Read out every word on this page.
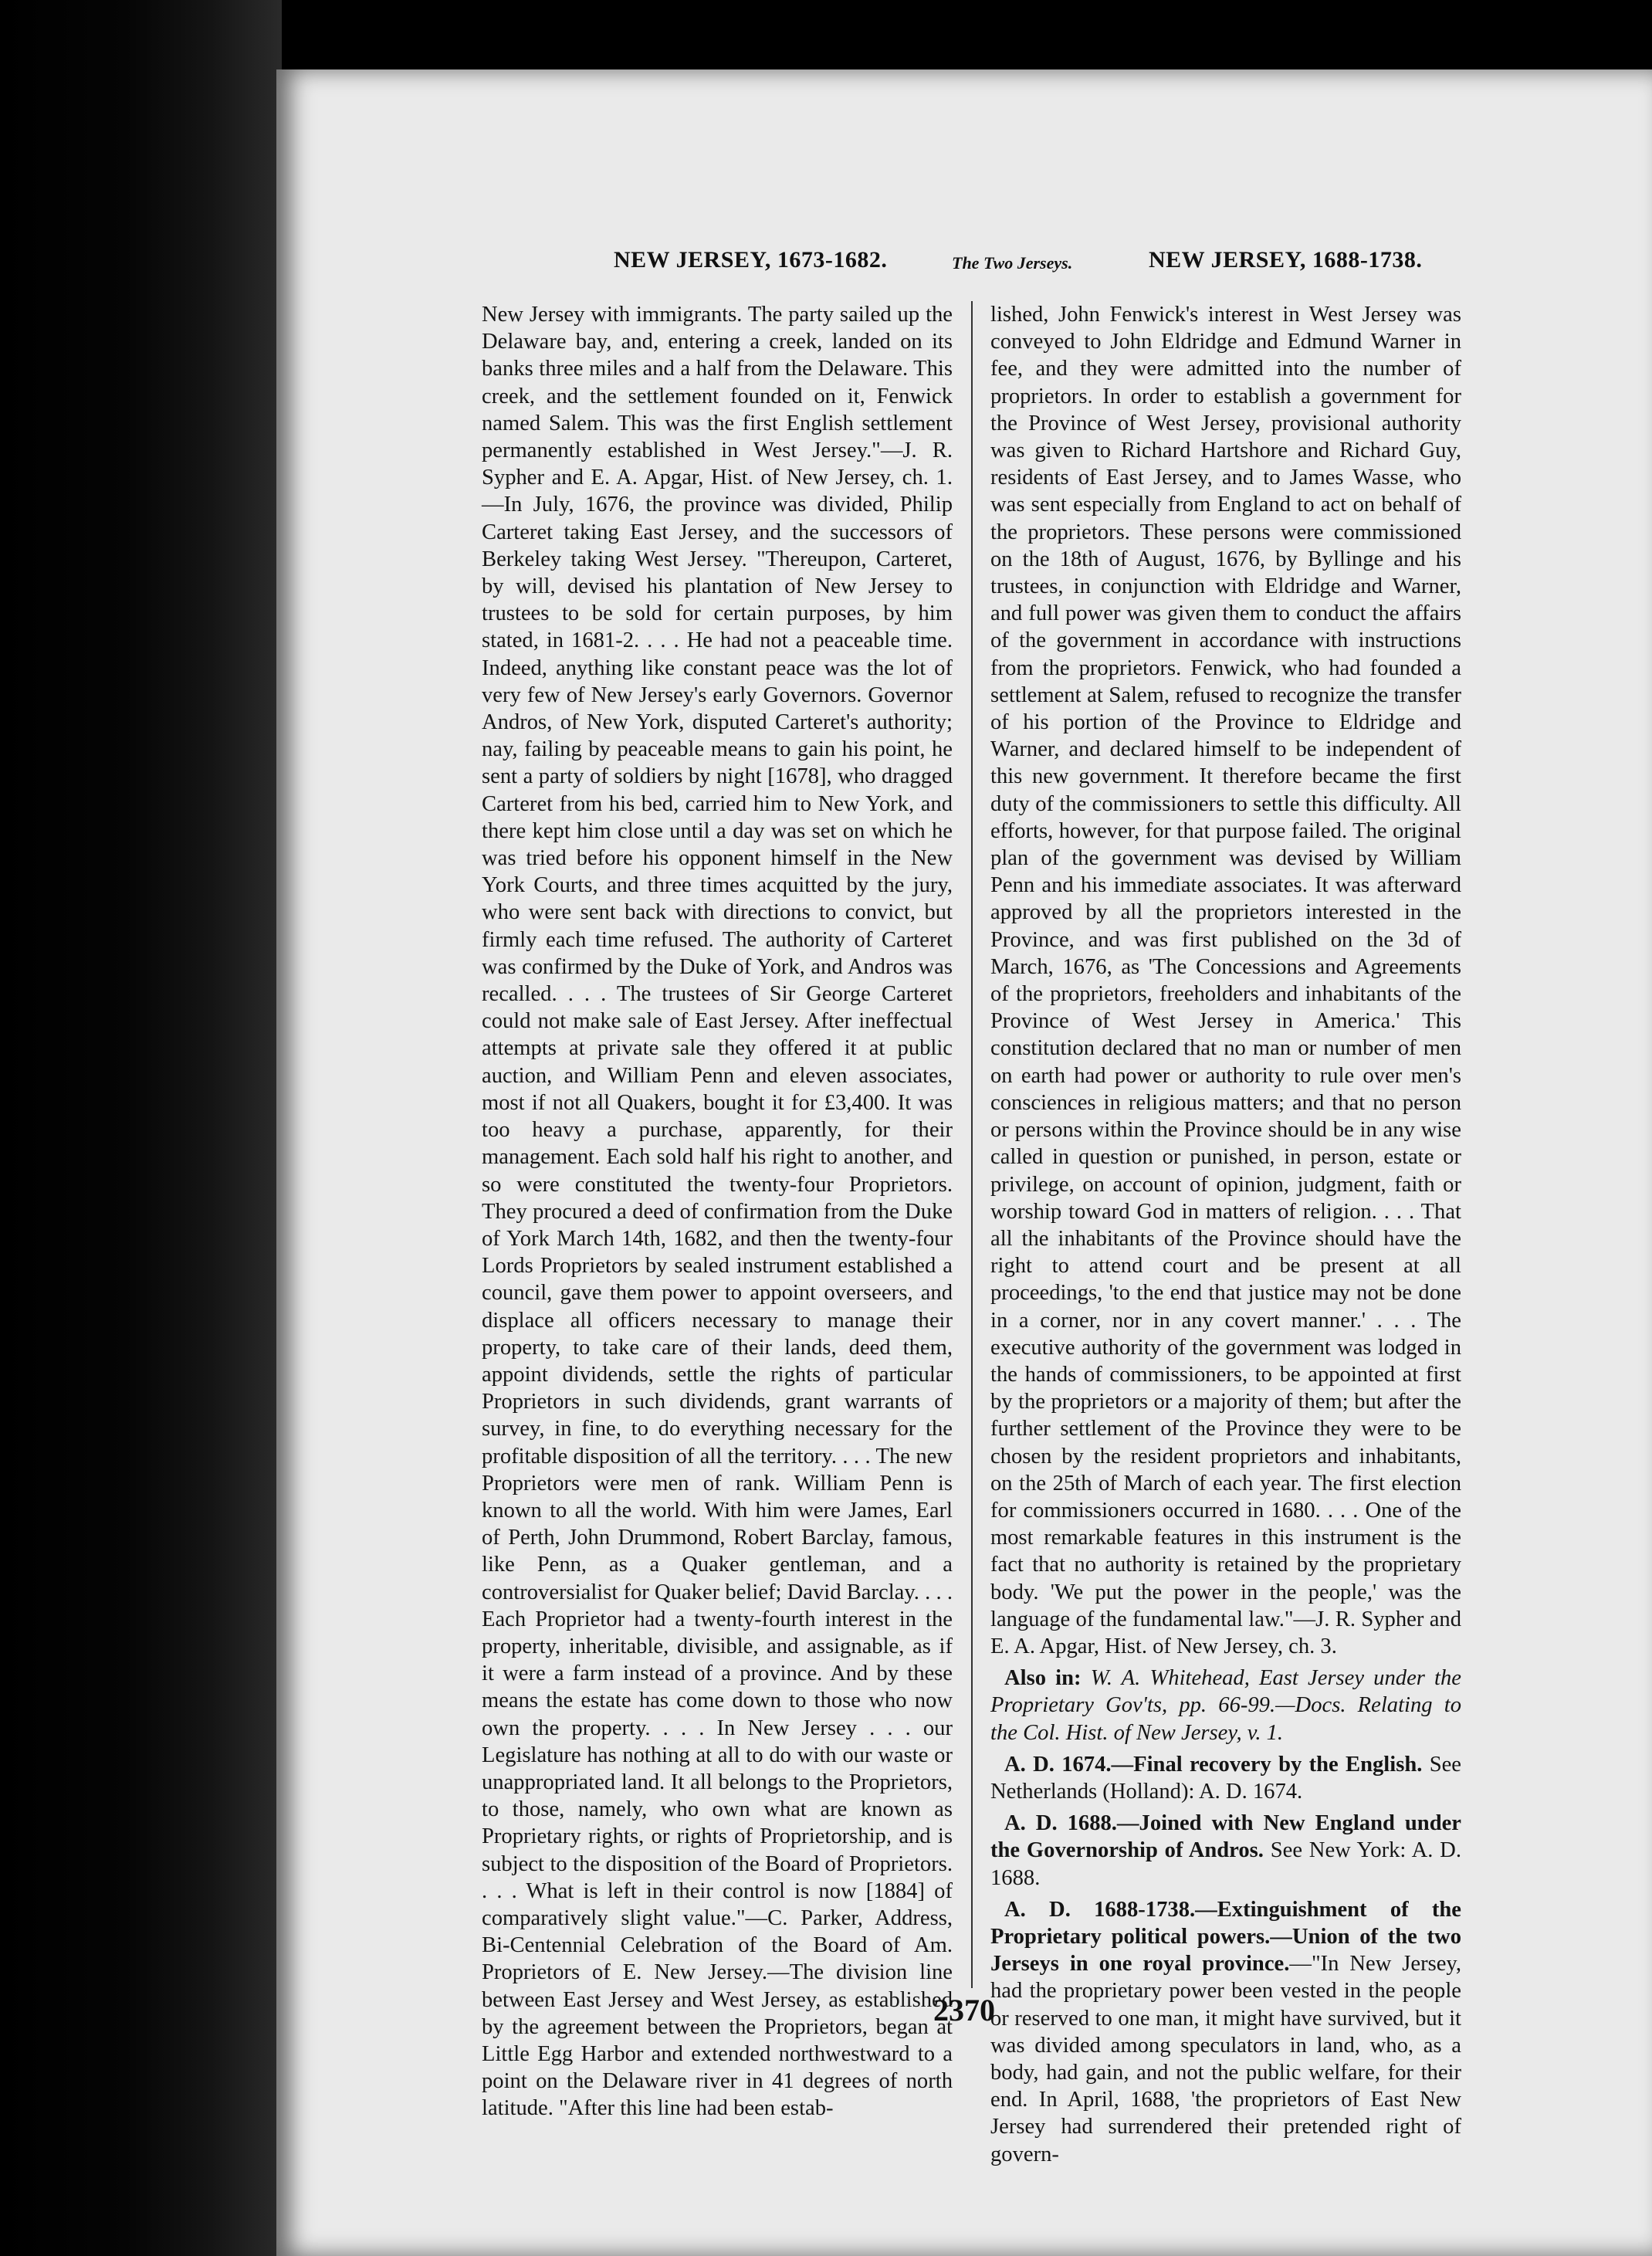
NEW JERSEY, 1673-1682.	The Two Jerseys.	NEW JERSEY, 1688-1738.

New Jersey with immigrants. The party sailed up the Delaware bay, and, entering a creek, landed on its banks three miles and a half from the Delaware. This creek, and the settlement founded on it, Fenwick named Salem. This was the first English settlement permanently established in West Jersey."—J. R. Sypher and E. A. Apgar, Hist. of New Jersey, ch. 1.—In July, 1676, the province was divided, Philip Carteret taking East Jersey, and the successors of Berkeley taking West Jersey. "Thereupon, Carteret, by will, devised his plantation of New Jersey to trustees to be sold for certain purposes, by him stated, in 1681-2. . . . He had not a peaceable time. Indeed, anything like constant peace was the lot of very few of New Jersey's early Governors. Governor Andros, of New York, disputed Carteret's authority; nay, failing by peaceable means to gain his point, he sent a party of soldiers by night [1678], who dragged Carteret from his bed, carried him to New York, and there kept him close until a day was set on which he was tried before his opponent himself in the New York Courts, and three times acquitted by the jury, who were sent back with directions to convict, but firmly each time refused. The authority of Carteret was confirmed by the Duke of York, and Andros was recalled. . . . The trustees of Sir George Carteret could not make sale of East Jersey. After ineffectual attempts at private sale they offered it at public auction, and William Penn and eleven associates, most if not all Quakers, bought it for £3,400. It was too heavy a purchase, apparently, for their management. Each sold half his right to another, and so were constituted the twenty-four Proprietors. They procured a deed of confirmation from the Duke of York March 14th, 1682, and then the twenty-four Lords Proprietors by sealed instrument established a council, gave them power to appoint overseers, and displace all officers necessary to manage their property, to take care of their lands, deed them, appoint dividends, settle the rights of particular Proprietors in such dividends, grant warrants of survey, in fine, to do everything necessary for the profitable disposition of all the territory. . . . The new Proprietors were men of rank. William Penn is known to all the world. With him were James, Earl of Perth, John Drummond, Robert Barclay, famous, like Penn, as a Quaker gentleman, and a controversialist for Quaker belief; David Barclay. . . . Each Proprietor had a twenty-fourth interest in the property, inheritable, divisible, and assignable, as if it were a farm instead of a province. And by these means the estate has come down to those who now own the property. . . . In New Jersey . . . our Legislature has nothing at all to do with our waste or unappropriated land. It all belongs to the Proprietors, to those, namely, who own what are known as Proprietary rights, or rights of Proprietorship, and is subject to the disposition of the Board of Proprietors. . . . What is left in their control is now [1884] of comparatively slight value."—C. Parker, Address, Bi-Centennial Celebration of the Board of Am. Proprietors of E. New Jersey.—The division line between East Jersey and West Jersey, as established by the agreement between the Proprietors, began at Little Egg Harbor and extended northwestward to a point on the Delaware river in 41 degrees of north latitude. "After this line had been estab-

lished, John Fenwick's interest in West Jersey was conveyed to John Eldridge and Edmund Warner in fee, and they were admitted into the number of proprietors. In order to establish a government for the Province of West Jersey, provisional authority was given to Richard Hartshore and Richard Guy, residents of East Jersey, and to James Wasse, who was sent especially from England to act on behalf of the proprietors. These persons were commissioned on the 18th of August, 1676, by Byllinge and his trustees, in conjunction with Eldridge and Warner, and full power was given them to conduct the affairs of the government in accordance with instructions from the proprietors. Fenwick, who had founded a settlement at Salem, refused to recognize the transfer of his portion of the Province to Eldridge and Warner, and declared himself to be independent of this new government. It therefore became the first duty of the commissioners to settle this difficulty. All efforts, however, for that purpose failed. The original plan of the government was devised by William Penn and his immediate associates. It was afterward approved by all the proprietors interested in the Province, and was first published on the 3d of March, 1676, as 'The Concessions and Agreements of the proprietors, freeholders and inhabitants of the Province of West Jersey in America.' This constitution declared that no man or number of men on earth had power or authority to rule over men's consciences in religious matters; and that no person or persons within the Province should be in any wise called in question or punished, in person, estate or privilege, on account of opinion, judgment, faith or worship toward God in matters of religion. . . . That all the inhabitants of the Province should have the right to attend court and be present at all proceedings, 'to the end that justice may not be done in a corner, nor in any covert manner.' . . . The executive authority of the government was lodged in the hands of commissioners, to be appointed at first by the proprietors or a majority of them; but after the further settlement of the Province they were to be chosen by the resident proprietors and inhabitants, on the 25th of March of each year. The first election for commissioners occurred in 1680. . . . One of the most remarkable features in this instrument is the fact that no authority is retained by the proprietary body. 'We put the power in the people,' was the language of the fundamental law."—J. R. Sypher and E. A. Apgar, Hist. of New Jersey, ch. 3.

Also in: W. A. Whitehead, East Jersey under the Proprietary Gov'ts, pp. 66-99.—Docs. Relating to the Col. Hist. of New Jersey, v. 1.

A. D. 1674.—Final recovery by the English. See Netherlands (Holland): A. D. 1674.

A. D. 1688.—Joined with New England under the Governorship of Andros. See New York: A. D. 1688.

A. D. 1688-1738.—Extinguishment of the Proprietary political powers.—Union of the two Jerseys in one royal province.—"In New Jersey, had the proprietary power been vested in the people or reserved to one man, it might have survived, but it was divided among speculators in land, who, as a body, had gain, and not the public welfare, for their end. In April, 1688, 'the proprietors of East New Jersey had surrendered their pretended right of govern-

2370
